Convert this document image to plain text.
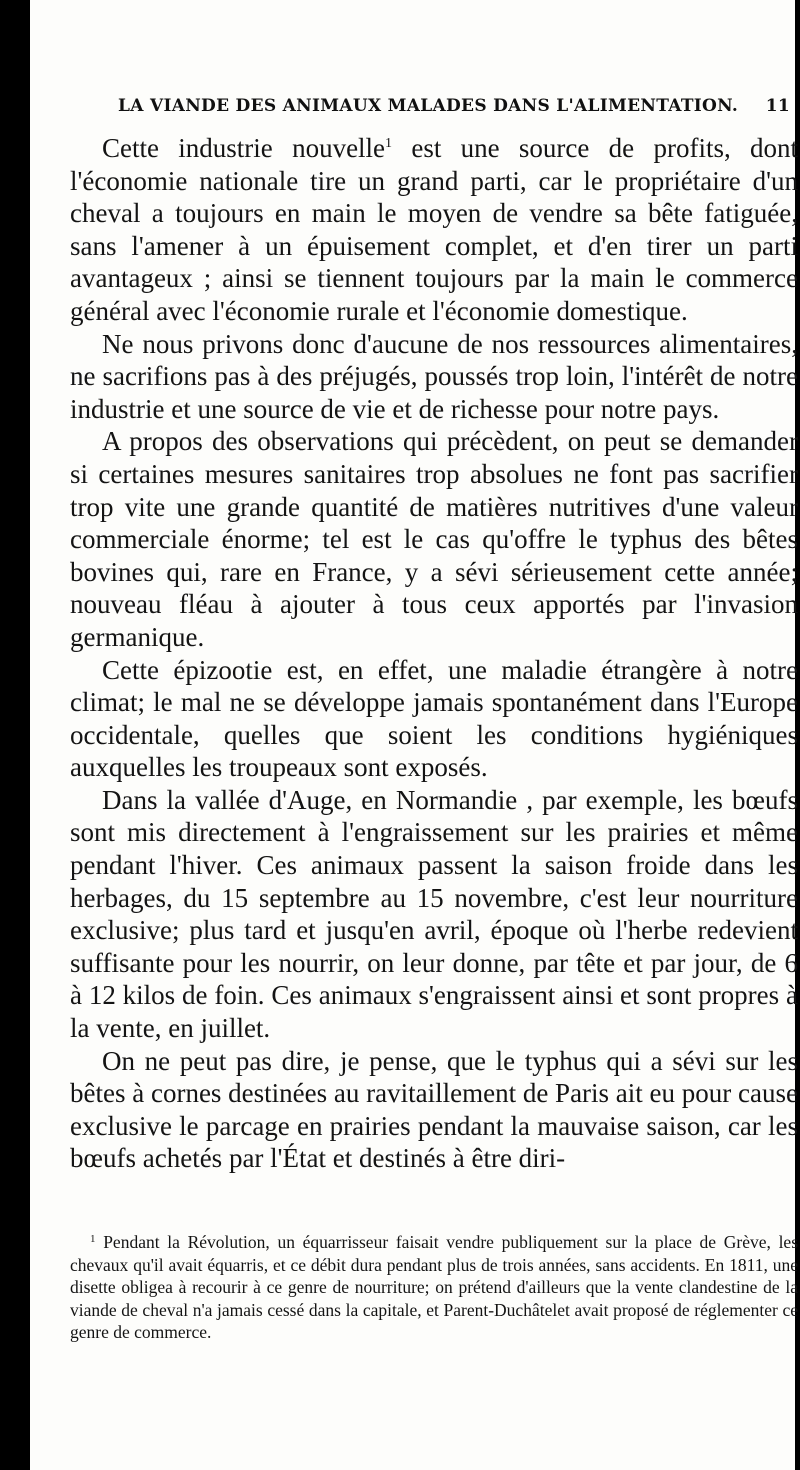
LA VIANDE DES ANIMAUX MALADES DANS L'ALIMENTATION. 11

Cette industrie nouvelle$^1$ est une source de profits, dont l'économie nationale tire un grand parti, car le propriétaire d'un cheval a toujours en main le moyen de vendre sa bête fatiguée, sans l'amener à un épuisement complet, et d'en tirer un parti avantageux ; ainsi se tiennent toujours par la main le commerce général avec l'économie rurale et l'économie domestique.

Ne nous privons donc d'aucune de nos ressources alimentaires, ne sacrifions pas à des préjugés, poussés trop loin, l'intérêt de notre industrie et une source de vie et de richesse pour notre pays.

A propos des observations qui précèdent, on peut se demander si certaines mesures sanitaires trop absolues ne font pas sacrifier trop vite une grande quantité de matières nutritives d'une valeur commerciale énorme; tel est le cas qu'offre le typhus des bêtes bovines qui, rare en France, y a sévi sérieusement cette année; nouveau fléau à ajouter à tous ceux apportés par l'invasion germanique.

Cette épizootie est, en effet, une maladie étrangère à notre climat; le mal ne se développe jamais spontanément dans l'Europe occidentale, quelles que soient les conditions hygiéniques auxquelles les troupeaux sont exposés.

Dans la vallée d'Auge, en Normandie , par exemple, les bœufs sont mis directement à l'engraissement sur les prairies et même pendant l'hiver. Ces animaux passent la saison froide dans les herbages, du 15 septembre au 15 novembre, c'est leur nourriture exclusive; plus tard et jusqu'en avril, époque où l'herbe redevient suffisante pour les nourrir, on leur donne, par tête et par jour, de 6 à 12 kilos de foin. Ces animaux s'engraissent ainsi et sont propres à la vente, en juillet.

On ne peut pas dire, je pense, que le typhus qui a sévi sur les bêtes à cornes destinées au ravitaillement de Paris ait eu pour cause exclusive le parcage en prairies pendant la mauvaise saison, car les bœufs achetés par l'État et destinés à être diri-

$^1$ Pendant la Révolution, un équarrisseur faisait vendre publiquement sur la place de Grève, les chevaux qu'il avait équarris, et ce débit dura pendant plus de trois années, sans accidents. En 1811, une disette obligea à recourir à ce genre de nourriture; on prétend d'ailleurs que la vente clandestine de la viande de cheval n'a jamais cessé dans la capitale, et Parent-Duchâtelet avait proposé de réglementer ce genre de commerce.
